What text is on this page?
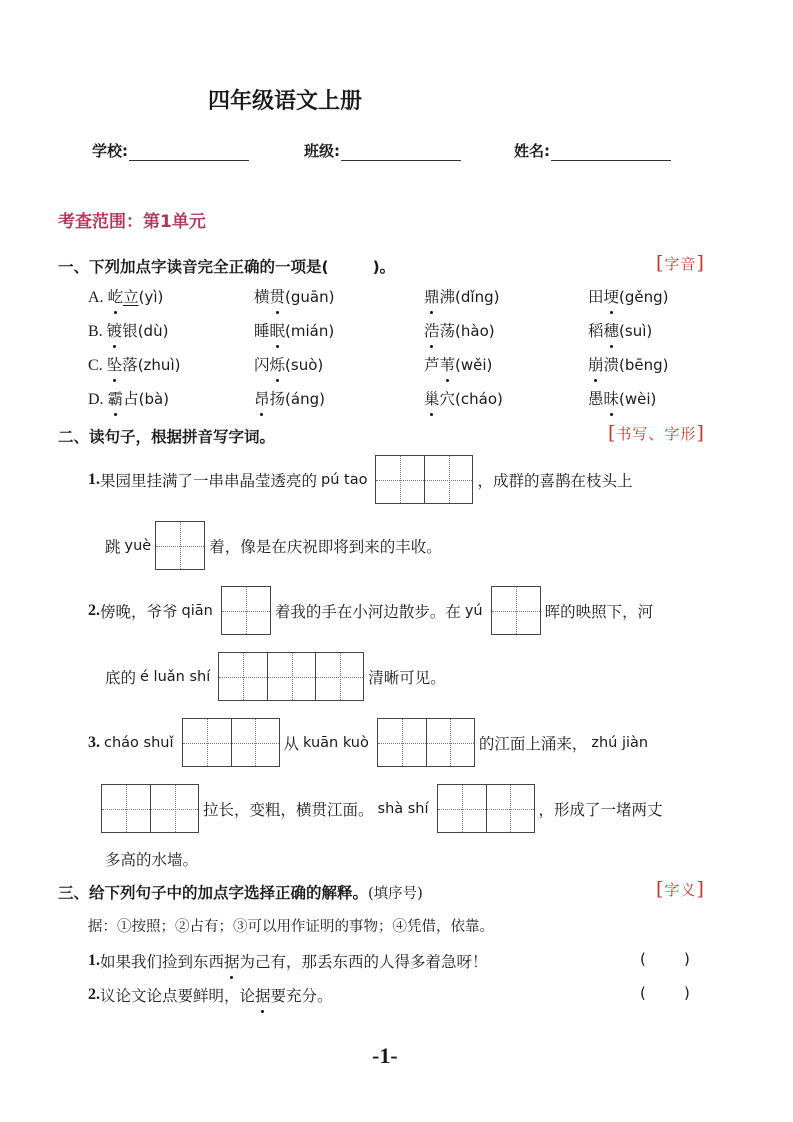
四年级语文上册
学校:	班级:	姓名:
考查范围：第1单元
一、下列加点字读音完全正确的一项是(	)。	[字音]
A. 屹立(yì)	横贯(guān)	鼎沸(dǐng)	田埂(gěng)
B. 镀银(dù)	睡眠(mián)	浩荡(hào)	稻穗(suì)
C. 坠落(zhuì)	闪烁(suò)	芦苇(wěi)	崩溃(bēng)
D. 霸占(bà)	昂扬(áng)	巢穴(cháo)	愚昧(wèi)
二、读句子，根据拼音写字词。	[书写、字形]
1. 果园里挂满了一串串晶莹透亮的 pú tao	，成群的喜鹊在枝头上
跳 yuè	着，像是在庆祝即将到来的丰收。
2. 傍晚，爷爷 qiān	着我的手在小河边散步。在 yú	晖的映照下，河
底的 é luǎn shí	清晰可见。
3. cháo shuǐ	从 kuān kuò	的江面上涌来， zhú jiàn
拉长，变粗，横贯江面。 shà shí	，形成了一堵两丈
多高的水墙。
三、给下列句子中的加点字选择正确的解释。(填序号)	[字义]
据：①按照；②占有；③可以用作证明的事物；④凭借，依靠。
1. 如果我们捡到东西 据 为己有，那丢东西的人得多着急呀！	(        )
2. 议论文论点要鲜明，论 据 要充分。	(        )
-1-
